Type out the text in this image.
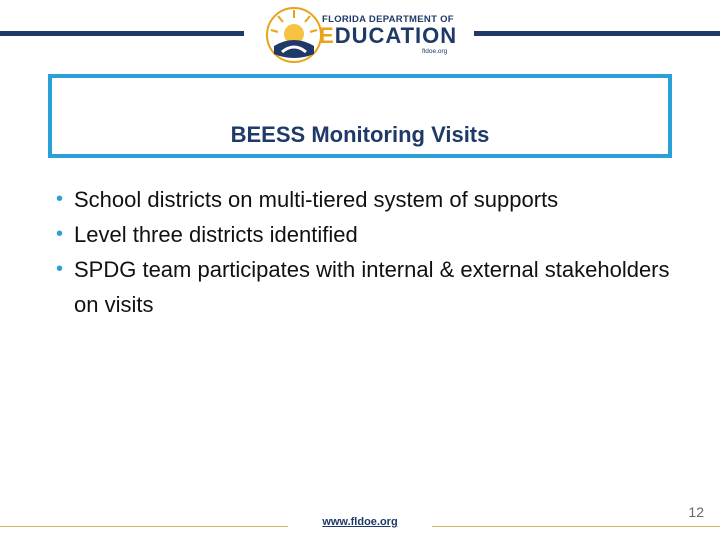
FLORIDA DEPARTMENT OF
EDUCATION
fldoe.org
BEESS Monitoring Visits
• School districts on multi-tiered system of supports
• Level three districts identified
• SPDG team participates with internal & external stakeholders on visits
www.fldoe.org
12
